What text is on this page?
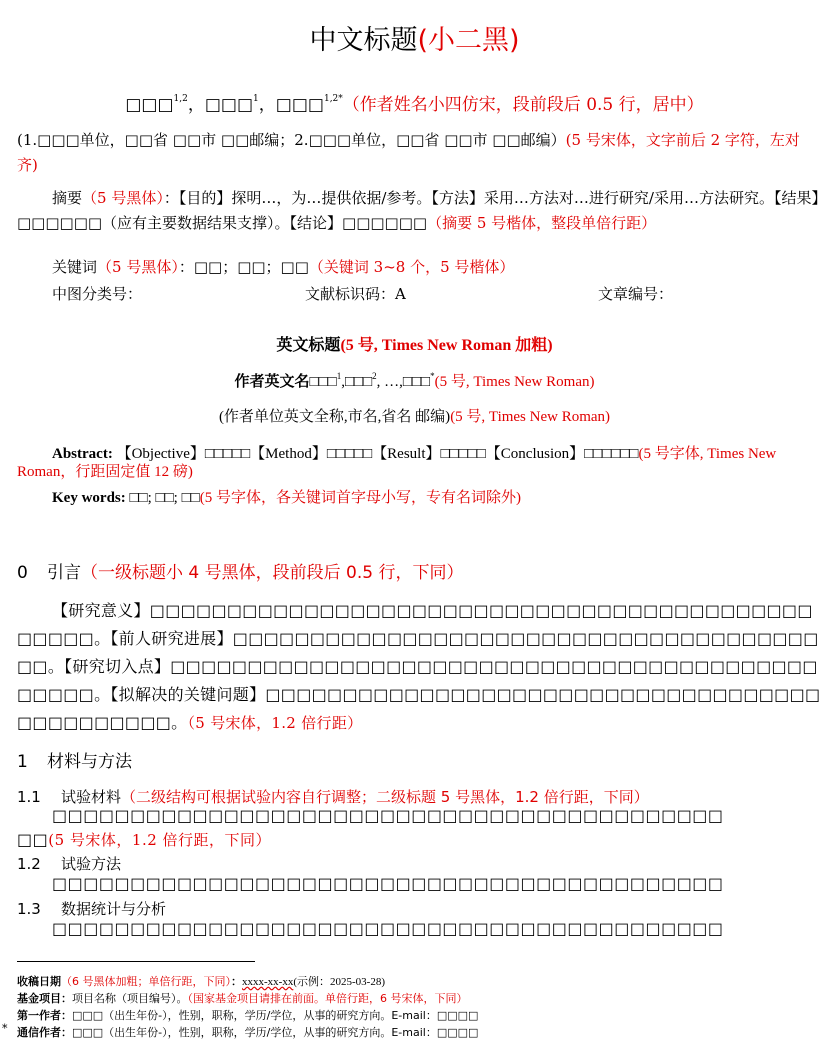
中文标题(小二黑)
□□□$^{1,2}$，□□□$^1$，□□□$^{1,2*}$（作者姓名小四仿宋，段前段后 0.5 行，居中）
(1.□□□单位，□□省 □□市 □□邮编；2.□□□单位，□□省 □□市 □□邮编）(5 号宋体，文字前后 2 字符，左对齐)
摘要（5 号黑体）：【目的】探明…，为…提供依据/参考。【方法】采用…方法对…进行研究/采用…方法研究。【结果】□□□□□□（应有主要数据结果支撑）。【结论】□□□□□□（摘要 5 号楷体，整段单倍行距）
关键词（5 号黑体）：□□；□□；□□（关键词 3~8 个，5 号楷体）
中图分类号：	文献标识码：A	文章编号：
英文标题(5 号, Times New Roman 加粗)
作者英文名□□□$^1$,□□□$^2$, …,□□□*(5 号, Times New Roman)
(作者单位英文全称,市名,省名 邮编)(5 号, Times New Roman)
Abstract: 【Objective】□□□□□【Method】□□□□□【Result】□□□□□【Conclusion】□□□□□□(5 号字体, Times New Roman，行距固定值 12 磅)
Key words: □□; □□; □□(5 号字体，各关键词首字母小写，专有名词除外)
0 引言（一级标题小 4 号黑体，段前段后 0.5 行，下同）
【研究意义】□□□□□□□□□□□□□□□□□□□□□□□□□□□□□□□□□□□□□□□□□□□□□□□□。【前人研究进展】□□□□□□□□□□□□□□□□□□□□□□□□□□□□□□□□□□□□□□□□。【研究切入点】□□□□□□□□□□□□□□□□□□□□□□□□□□□□□□□□□□□□□□□□□□□□□□□。【拟解决的关键问题】□□□□□□□□□□□□□□□□□□□□□□□□□□□□□□□□□□□□□□□□□□□□□□。（5 号宋体，1.2 倍行距）
1 材料与方法
1.1 试验材料（二级结构可根据试验内容自行调整；二级标题 5 号黑体，1.2 倍行距，下同）
□□□□□□□□□□□□□□□□□□□□□□□□□□□□□□□□□□□□□□□□□□□
□□(5 号宋体，1.2 倍行距，下同）
1.2 试验方法
□□□□□□□□□□□□□□□□□□□□□□□□□□□□□□□□□□□□□□□□□□□
1.3 数据统计与分析
□□□□□□□□□□□□□□□□□□□□□□□□□□□□□□□□□□□□□□□□□□□
收稿日期（6 号黑体加粗；单倍行距，下同）：xxxx-xx-xx(示例：2025-03-28)
基金项目：项目名称（项目编号）。（国家基金项目请排在前面。单倍行距，6 号宋体，下同）
第一作者：□□□（出生年份-），性别，职称，学历/学位，从事的研究方向。E-mail：□□□□
* 通信作者：□□□（出生年份-），性别，职称，学历/学位，从事的研究方向。E-mail：□□□□
